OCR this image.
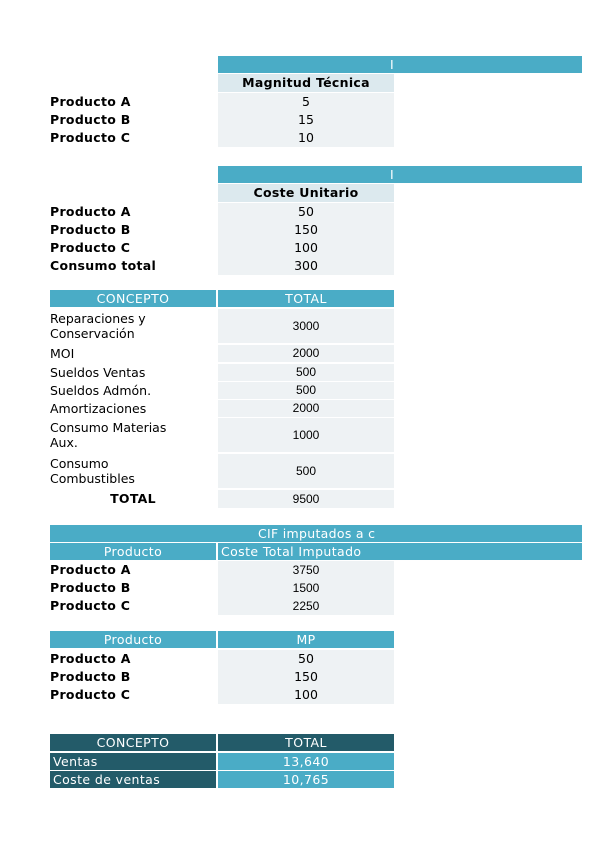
I
Magnitud Técnica
Producto A	5
Producto B	15
Producto C	10
I
Coste Unitario
Producto A	50
Producto B	150
Producto C	100
Consumo total	300
CONCEPTO	TOTAL
Reparaciones y Conservación	3000
MOI	2000
Sueldos Ventas	500
Sueldos Admón.	500
Amortizaciones	2000
Consumo Materias Aux.	1000
Consumo Combustibles	500
TOTAL	9500
CIF imputados a c
Producto	Coste Total Imputado
Producto A	3750
Producto B	1500
Producto C	2250
Producto	MP
Producto A	50
Producto B	150
Producto C	100
CONCEPTO	TOTAL
Ventas	13,640
Coste de ventas	10,765
